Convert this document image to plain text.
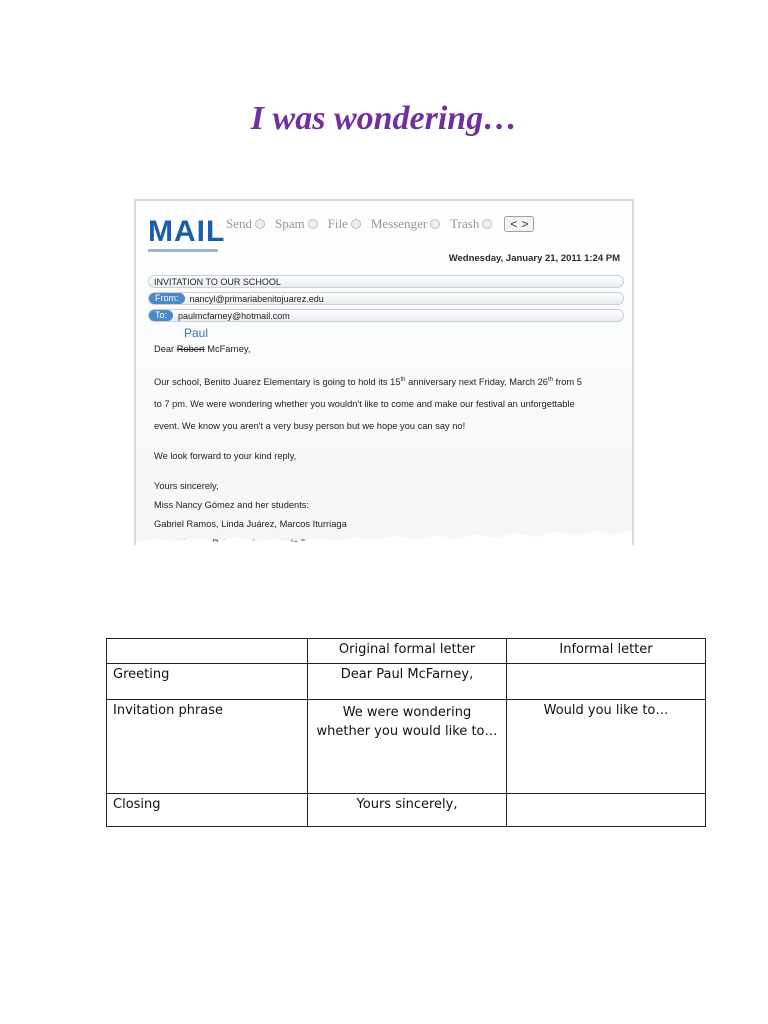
I was wondering…
MAIL Send Spam File Messenger Trash	< >
Wednesday, January 21, 2011 1:24 PM
INVITATION TO OUR SCHOOL
From:	nancyl@primariabenitojuarez.edu
To:	paulmcfarney@hotmail.com
Paul

Dear Robert McFarney,

Our school, Benito Juarez Elementary is going to hold its 15th anniversary next Friday, March 26th from 5
to 7 pm. We were wondering whether you wouldn't like to come and make our festival an unforgettable
event. We know you aren't a very busy person but we hope you can say no!

We look forward to your kind reply,

Yours sincerely,
Miss Nancy Gómez and her students:
Gabriel Ramos, Linda Juárez, Marcos Iturriaga
	Original formal letter	Informal letter
Greeting	Dear Paul McFarney,	
Invitation phrase	We were wondering whether you would like to…	Would you like to…
Closing	Yours sincerely,	
